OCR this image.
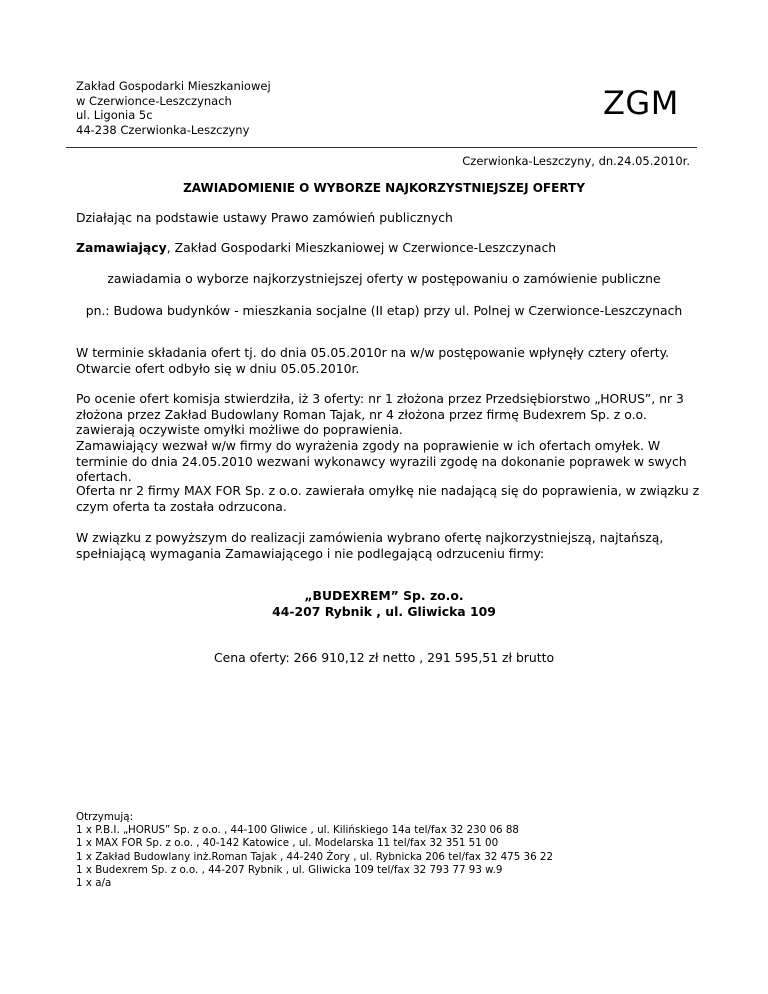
Zakład Gospodarki Mieszkaniowej
w Czerwionce-Leszczynach
ul. Ligonia 5c
44-238 Czerwionka-Leszczyny
ZGM
Czerwionka-Leszczyny, dn.24.05.2010r.
ZAWIADOMIENIE O WYBORZE NAJKORZYSTNIEJSZEJ OFERTY
Działając na podstawie ustawy Prawo zamówień publicznych
Zamawiający, Zakład Gospodarki Mieszkaniowej w Czerwionce-Leszczynach
zawiadamia o wyborze najkorzystniejszej oferty w postępowaniu o zamówienie publiczne
pn.: Budowa budynków - mieszkania socjalne (II etap) przy ul. Polnej w Czerwionce-Leszczynach
W terminie składania ofert tj. do dnia 05.05.2010r na w/w postępowanie wpłynęły cztery oferty. Otwarcie ofert odbyło się w dniu 05.05.2010r.
Po ocenie ofert komisja stwierdziła, iż 3 oferty: nr 1 złożona przez Przedsiębiorstwo „HORUS”, nr 3 złożona przez Zakład Budowlany Roman Tajak, nr 4 złożona przez firmę Budexrem Sp. z o.o. zawierają oczywiste omyłki możliwe do poprawienia.
Zamawiający wezwał w/w firmy do wyrażenia zgody na poprawienie w ich ofertach omyłek. W terminie do dnia 24.05.2010 wezwani wykonawcy wyrazili zgodę na dokonanie poprawek w swych ofertach.
Oferta nr 2 firmy MAX FOR Sp. z o.o. zawierała omyłkę nie nadającą się do poprawienia, w związku z czym oferta ta została odrzucona.
W związku z powyższym do realizacji zamówienia wybrano ofertę najkorzystniejszą, najtańszą, spełniającą wymagania Zamawiającego i nie podlegającą odrzuceniu firmy:
„BUDEXREM” Sp. zo.o.
44-207 Rybnik , ul. Gliwicka 109
Cena oferty: 266 910,12 zł netto , 291 595,51 zł brutto
Otrzymują:
1 x P.B.I. „HORUS” Sp. z o.o. , 44-100 Gliwice , ul. Kilińskiego 14a tel/fax 32 230 06 88
1 x MAX FOR Sp. z o.o. , 40-142 Katowice , ul. Modelarska 11 tel/fax 32 351 51 00
1 x Zakład Budowlany inż.Roman Tajak , 44-240 Żory , ul. Rybnicka 206 tel/fax 32 475 36 22
1 x Budexrem Sp. z o.o. , 44-207 Rybnik , ul. Gliwicka 109 tel/fax 32 793 77 93 w.9
1 x a/a
